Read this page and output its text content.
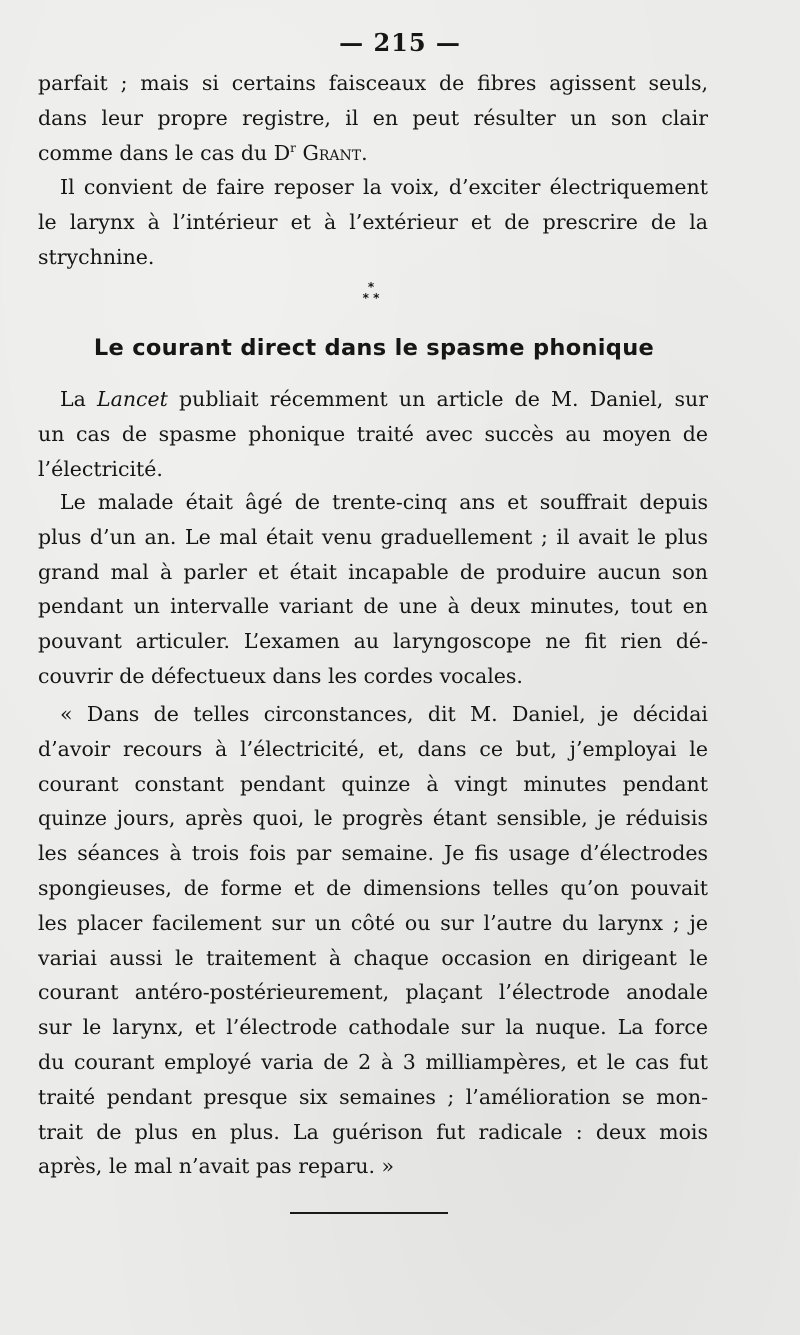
— 215 —
parfait ; mais si certains faisceaux de fibres agissent seuls,
dans leur propre registre, il en peut résulter un son clair
comme dans le cas du $D^r$ Grant.
Il convient de faire reposer la voix, d’exciter électriquement
le larynx à l’intérieur et à l’extérieur et de prescrire de la
strychnine.
*
* *
Le courant direct dans le spasme phonique
La Lancet publiait récemment un article de M. Daniel, sur
un cas de spasme phonique traité avec succès au moyen de
l’électricité.
Le malade était âgé de trente-cinq ans et souffrait depuis
plus d’un an. Le mal était venu graduellement ; il avait le plus
grand mal à parler et était incapable de produire aucun son
pendant un intervalle variant de une à deux minutes, tout en
pouvant articuler. L’examen au laryngoscope ne fit rien dé-
couvrir de défectueux dans les cordes vocales.
« Dans de telles circonstances, dit M. Daniel, je décidai
d’avoir recours à l’électricité, et, dans ce but, j’employai le
courant constant pendant quinze à vingt minutes pendant
quinze jours, après quoi, le progrès étant sensible, je réduisis
les séances à trois fois par semaine. Je fis usage d’électrodes
spongieuses, de forme et de dimensions telles qu’on pouvait
les placer facilement sur un côté ou sur l’autre du larynx ; je
variai aussi le traitement à chaque occasion en dirigeant le
courant antéro-postérieurement, plaçant l’électrode anodale
sur le larynx, et l’électrode cathodale sur la nuque. La force
du courant employé varia de 2 à 3 milliampères, et le cas fut
traité pendant presque six semaines ; l’amélioration se mon-
trait de plus en plus. La guérison fut radicale : deux mois
après, le mal n’avait pas reparu. »
